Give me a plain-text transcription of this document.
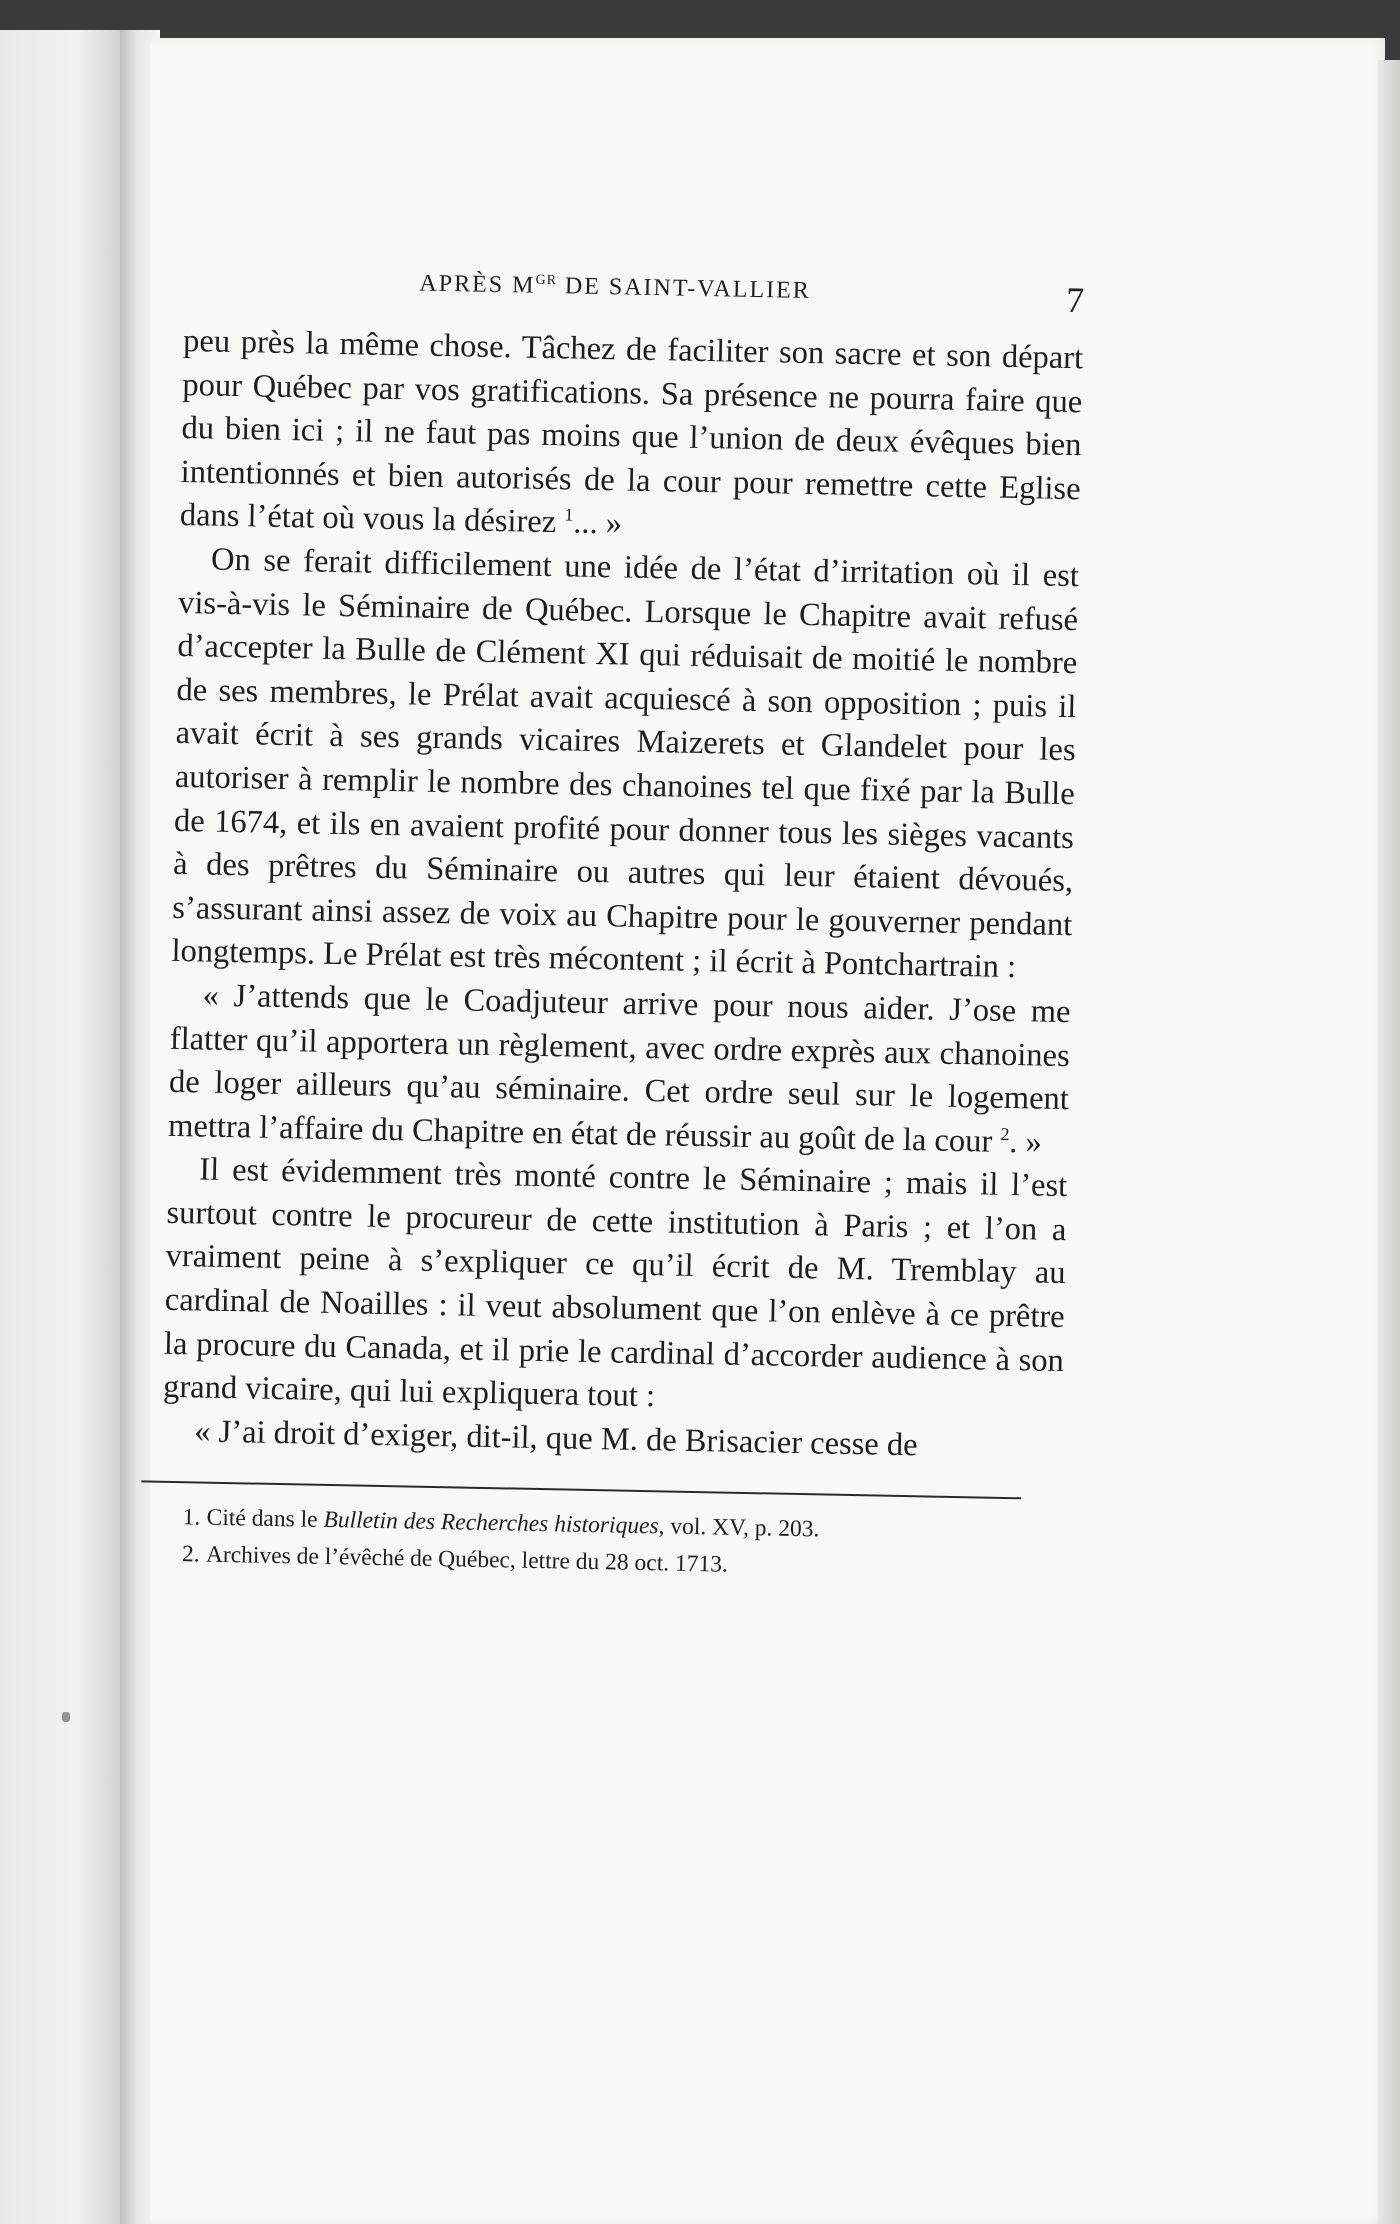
APRÈS $M^{GR}$ DE SAINT-VALLIER	7

peu près la même chose. Tâchez de faciliter son sacre et son départ pour Québec par vos gratifications. Sa présence ne pourra faire que du bien ici ; il ne faut pas moins que l’union de deux évêques bien intentionnés et bien autorisés de la cour pour remettre cette Eglise dans l’état où vous la désirez $^1$... »

On se ferait difficilement une idée de l’état d’irritation où il est vis-à-vis le Séminaire de Québec. Lorsque le Chapitre avait refusé d’accepter la Bulle de Clément XI qui réduisait de moitié le nombre de ses membres, le Prélat avait acquiescé à son opposition ; puis il avait écrit à ses grands vicaires Maizerets et Glandelet pour les autoriser à remplir le nombre des chanoines tel que fixé par la Bulle de 1674, et ils en avaient profité pour donner tous les sièges vacants à des prêtres du Séminaire ou autres qui leur étaient dévoués, s’assurant ainsi assez de voix au Chapitre pour le gouverner pendant longtemps. Le Prélat est très mécontent ; il écrit à Pontchartrain :

« J’attends que le Coadjuteur arrive pour nous aider. J’ose me flatter qu’il apportera un règlement, avec ordre exprès aux chanoines de loger ailleurs qu’au séminaire. Cet ordre seul sur le logement mettra l’affaire du Chapitre en état de réussir au goût de la cour $^2$. »

Il est évidemment très monté contre le Séminaire ; mais il l’est surtout contre le procureur de cette institution à Paris ; et l’on a vraiment peine à s’expliquer ce qu’il écrit de M. Tremblay au cardinal de Noailles : il veut absolument que l’on enlève à ce prêtre la procure du Canada, et il prie le cardinal d’accorder audience à son grand vicaire, qui lui expliquera tout :

« J’ai droit d’exiger, dit-il, que M. de Brisacier cesse de

1. Cité dans le Bulletin des Recherches historiques, vol. XV, p. 203.
2. Archives de l’évêché de Québec, lettre du 28 oct. 1713.
